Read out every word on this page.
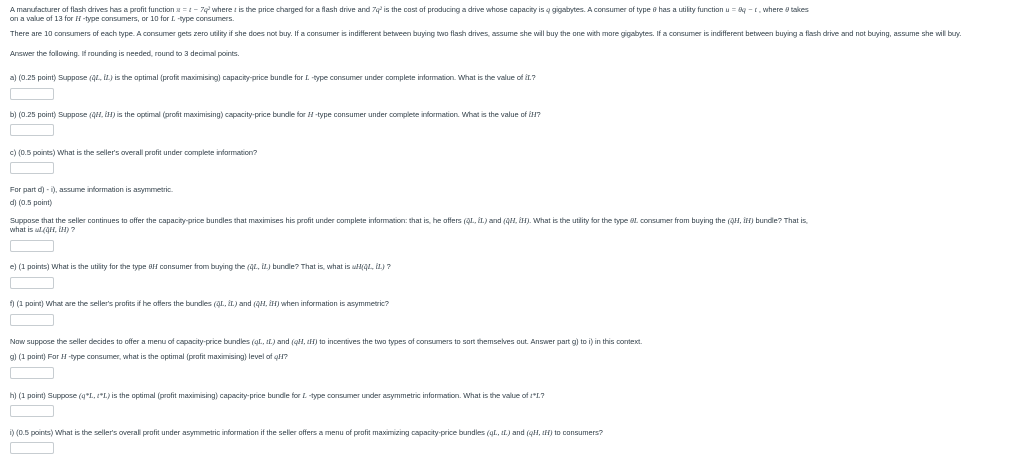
A manufacturer of flash drives has a profit function π = t − 7q² where t is the price charged for a flash drive and 7q² is the cost of producing a drive whose capacity is q gigabytes. A consumer of type θ has a utility function u = θq − t , where θ takes
on a value of 13 for H -type consumers, or 10 for L -type consumers.
There are 10 consumers of each type. A consumer gets zero utility if she does not buy. If a consumer is indifferent between buying two flash drives, assume she will buy the one with more gigabytes. If a consumer is indifferent between buying a flash drive and not buying, assume she will buy.
Answer the following. If rounding is needed, round to 3 decimal points.
a) (0.25 point) Suppose (q̂L, t̂L) is the optimal (profit maximising) capacity-price bundle for L -type consumer under complete information. What is the value of t̂L?
b) (0.25 point) Suppose (q̂H, t̂H) is the optimal (profit maximising) capacity-price bundle for H -type consumer under complete information. What is the value of t̂H?
c) (0.5 points) What is the seller's overall profit under complete information?
For part d) - i), assume information is asymmetric.
d) (0.5 point)
Suppose that the seller continues to offer the capacity-price bundles that maximises his profit under complete information: that is, he offers (q̂L, t̂L) and (q̂H, t̂H). What is the utility for the type θL consumer from buying the (q̂H, t̂H) bundle? That is,
what is uL(q̂H, t̂H) ?
e) (1 points) What is the utility for the type θH consumer from buying the (q̂L, t̂L) bundle? That is, what is uH(q̂L, t̂L) ?
f) (1 point) What are the seller's profits if he offers the bundles (q̂L, t̂L) and (q̂H, t̂H) when information is asymmetric?
Now suppose the seller decides to offer a menu of capacity-price bundles (qL, tL) and (qH, tH) to incentives the two types of consumers to sort themselves out. Answer part g) to i) in this context.
g) (1 point) For H -type consumer, what is the optimal (profit maximising) level of qH?
h) (1 point) Suppose (q*L, t*L) is the optimal (profit maximising) capacity-price bundle for L -type consumer under asymmetric information. What is the value of t*L?
i) (0.5 points) What is the seller's overall profit under asymmetric information if the seller offers a menu of profit maximizing capacity-price bundles (qL, tL) and (qH, tH) to consumers?
